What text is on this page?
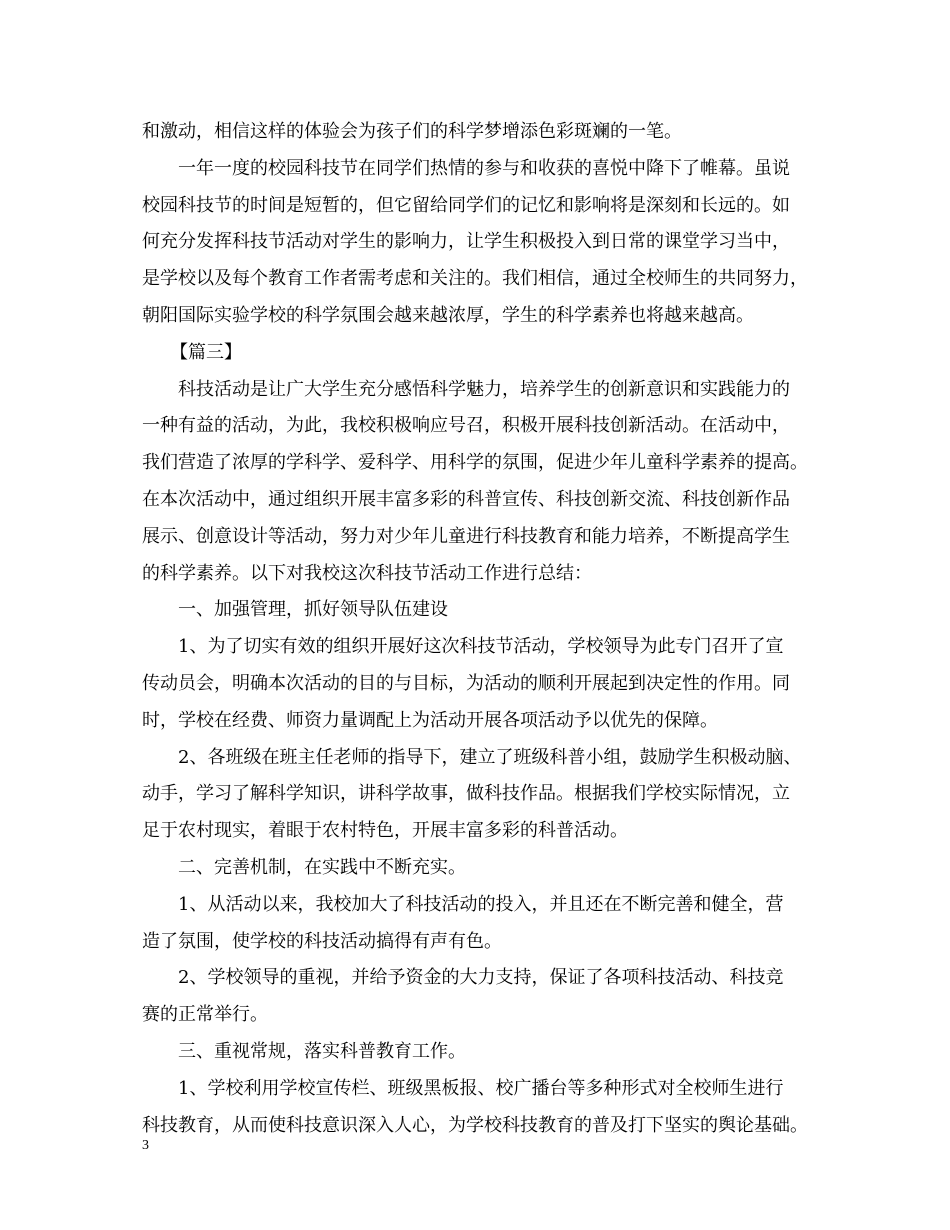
和激动，相信这样的体验会为孩子们的科学梦增添色彩斑斓的一笔。
一年一度的校园科技节在同学们热情的参与和收获的喜悦中降下了帷幕。虽说
校园科技节的时间是短暂的，但它留给同学们的记忆和影响将是深刻和长远的。如
何充分发挥科技节活动对学生的影响力，让学生积极投入到日常的课堂学习当中，
是学校以及每个教育工作者需考虑和关注的。我们相信，通过全校师生的共同努力，
朝阳国际实验学校的科学氛围会越来越浓厚，学生的科学素养也将越来越高。
【篇三】
科技活动是让广大学生充分感悟科学魅力，培养学生的创新意识和实践能力的
一种有益的活动，为此，我校积极响应号召，积极开展科技创新活动。在活动中，
我们营造了浓厚的学科学、爱科学、用科学的氛围，促进少年儿童科学素养的提高。
在本次活动中，通过组织开展丰富多彩的科普宣传、科技创新交流、科技创新作品
展示、创意设计等活动，努力对少年儿童进行科技教育和能力培养，不断提高学生
的科学素养。以下对我校这次科技节活动工作进行总结：
一、加强管理，抓好领导队伍建设
1、为了切实有效的组织开展好这次科技节活动，学校领导为此专门召开了宣
传动员会，明确本次活动的目的与目标，为活动的顺利开展起到决定性的作用。同
时，学校在经费、师资力量调配上为活动开展各项活动予以优先的保障。
2、各班级在班主任老师的指导下，建立了班级科普小组，鼓励学生积极动脑、
动手，学习了解科学知识，讲科学故事，做科技作品。根据我们学校实际情况，立
足于农村现实，着眼于农村特色，开展丰富多彩的科普活动。
二、完善机制，在实践中不断充实。
1、从活动以来，我校加大了科技活动的投入，并且还在不断完善和健全，营
造了氛围，使学校的科技活动搞得有声有色。
2、学校领导的重视，并给予资金的大力支持，保证了各项科技活动、科技竞
赛的正常举行。
三、重视常规，落实科普教育工作。
1、学校利用学校宣传栏、班级黑板报、校广播台等多种形式对全校师生进行
科技教育，从而使科技意识深入人心，为学校科技教育的普及打下坚实的舆论基础。
3
